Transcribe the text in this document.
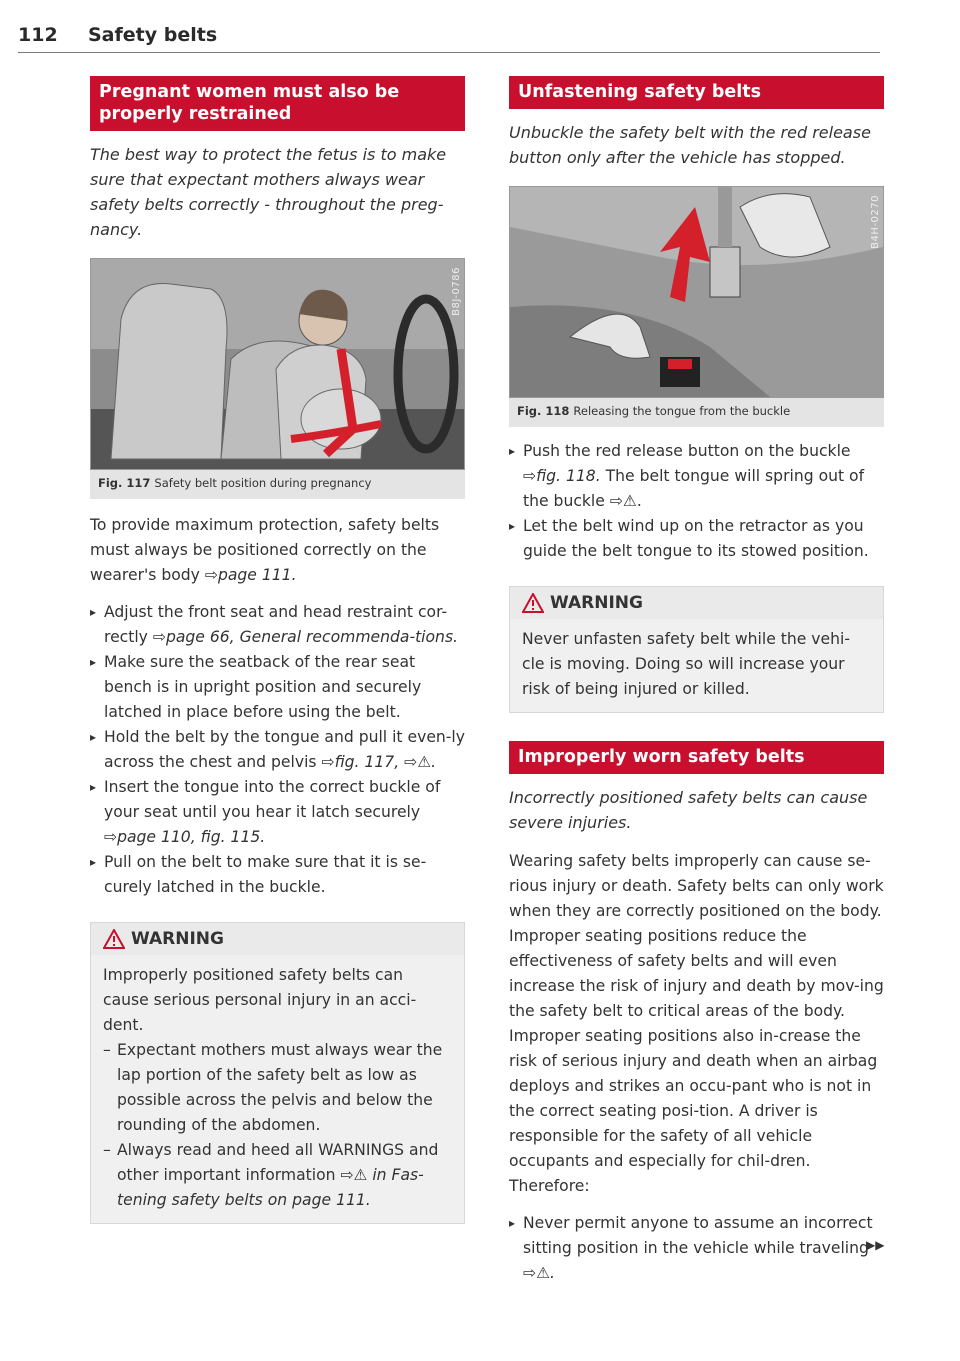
112 Safety belts
Pregnant women must also be properly restrained
The best way to protect the fetus is to make sure that expectant mothers always wear safety belts correctly - throughout the preg-nancy.
B8J-0786
Fig. 117 Safety belt position during pregnancy
To provide maximum protection, safety belts must always be positioned correctly on the wearer's body ⇨page 111.
▸ Adjust the front seat and head restraint cor-rectly ⇨page 66, General recommenda-tions.
▸ Make sure the seatback of the rear seat bench is in upright position and securely latched in place before using the belt.
▸ Hold the belt by the tongue and pull it even-ly across the chest and pelvis ⇨fig. 117, ⇨⚠.
▸ Insert the tongue into the correct buckle of your seat until you hear it latch securely ⇨page 110, fig. 115.
▸ Pull on the belt to make sure that it is se-curely latched in the buckle.
WARNING
Improperly positioned safety belts can cause serious personal injury in an acci-dent.
– Expectant mothers must always wear the lap portion of the safety belt as low as possible across the pelvis and below the rounding of the abdomen.
– Always read and heed all WARNINGS and other important information ⇨⚠ in Fas-tening safety belts on page 111.
Unfastening safety belts
Unbuckle the safety belt with the red release button only after the vehicle has stopped.
B4H-0270
Fig. 118 Releasing the tongue from the buckle
▸ Push the red release button on the buckle ⇨fig. 118. The belt tongue will spring out of the buckle ⇨⚠.
▸ Let the belt wind up on the retractor as you guide the belt tongue to its stowed position.
WARNING
Never unfasten safety belt while the vehi-cle is moving. Doing so will increase your risk of being injured or killed.
Improperly worn safety belts
Incorrectly positioned safety belts can cause severe injuries.
Wearing safety belts improperly can cause se-rious injury or death. Safety belts can only work when they are correctly positioned on the body. Improper seating positions reduce the effectiveness of safety belts and will even increase the risk of injury and death by mov-ing the safety belt to critical areas of the body. Improper seating positions also in-crease the risk of serious injury and death when an airbag deploys and strikes an occu-pant who is not in the correct seating posi-tion. A driver is responsible for the safety of all vehicle occupants and especially for chil-dren. Therefore:
▸ Never permit anyone to assume an incorrect sitting position in the vehicle while traveling ⇨⚠.
▶▶
